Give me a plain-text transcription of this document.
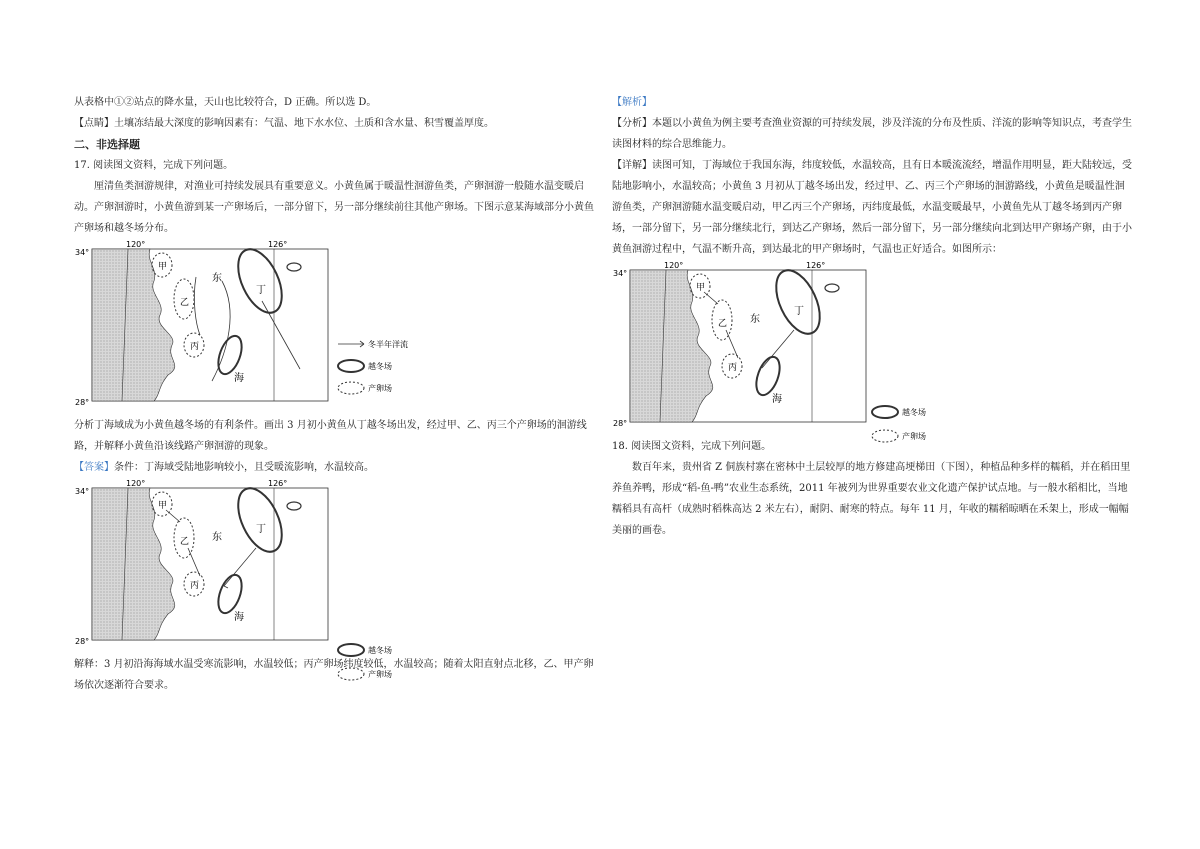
从表格中①②站点的降水量，天山也比较符合，D 正确。所以选 D。

【点睛】土壤冻结最大深度的影响因素有：气温、地下水水位、土质和含水量、积雪覆盖厚度。

二、非选择题

17. 阅读图文资料，完成下列问题。

厘清鱼类洄游规律，对渔业可持续发展具有重要意义。小黄鱼属于暖温性洄游鱼类，产卵洄游一般随水温变暖启动。产卵洄游时，小黄鱼游到某一产卵场后，一部分留下，另一部分继续前往其他产卵场。下图示意某海域部分小黄鱼产卵场和越冬场分布。

120°	126°
34°
28°
甲
乙
丙
丁
东
海

分析丁海域成为小黄鱼越冬场的有利条件。画出 3 月初小黄鱼从丁越冬场出发，经过甲、乙、丙三个产卵场的洄游线路，并解释小黄鱼沿该线路产卵洄游的现象。

【答案】条件：丁海域受陆地影响较小，且受暖流影响，水温较高。

120°	126°
34°
28°
甲
乙
丙
丁
东
海

解释：3 月初沿海海域水温受寒流影响，水温较低；丙产卵场纬度较低，水温较高；随着太阳直射点北移，乙、甲产卵场依次逐渐符合要求。

【解析】

【分析】本题以小黄鱼为例主要考查渔业资源的可持续发展，涉及洋流的分布及性质、洋流的影响等知识点，考查学生读图材料的综合思维能力。

【详解】读图可知，丁海域位于我国东海，纬度较低，水温较高，且有日本暖流流经，增温作用明显，距大陆较远，受陆地影响小，水温较高；小黄鱼 3 月初从丁越冬场出发，经过甲、乙、丙三个产卵场的洄游路线，小黄鱼是暖温性洄游鱼类，产卵洄游随水温变暖启动，甲乙丙三个产卵场，丙纬度最低，水温变暖最早，小黄鱼先从丁越冬场到丙产卵场，一部分留下，另一部分继续北行，到达乙产卵场，然后一部分留下，另一部分继续向北到达甲产卵场产卵，由于小黄鱼洄游过程中，气温不断升高，到达最北的甲产卵场时，气温也正好适合。如图所示：

120°	126°
34°
28°
甲
乙
丙
丁
东
海

18. 阅读图文资料，完成下列问题。

数百年来，贵州省 Z 侗族村寨在密林中土层较厚的地方修建高埂梯田（下图），种植品种多样的糯稻，并在稻田里养鱼养鸭，形成“稻-鱼-鸭”农业生态系统，2011 年被列为世界重要农业文化遗产保护试点地。与一般水稻相比，当地糯稻具有高杆（成熟时稻株高达 2 米左右），耐阴、耐寒的特点。每年 11 月，年收的糯稻晾晒在禾架上，形成一幅幅美丽的画卷。

冬半年洋流
越冬场
产卵场
越冬场
产卵场
越冬场
产卵场
